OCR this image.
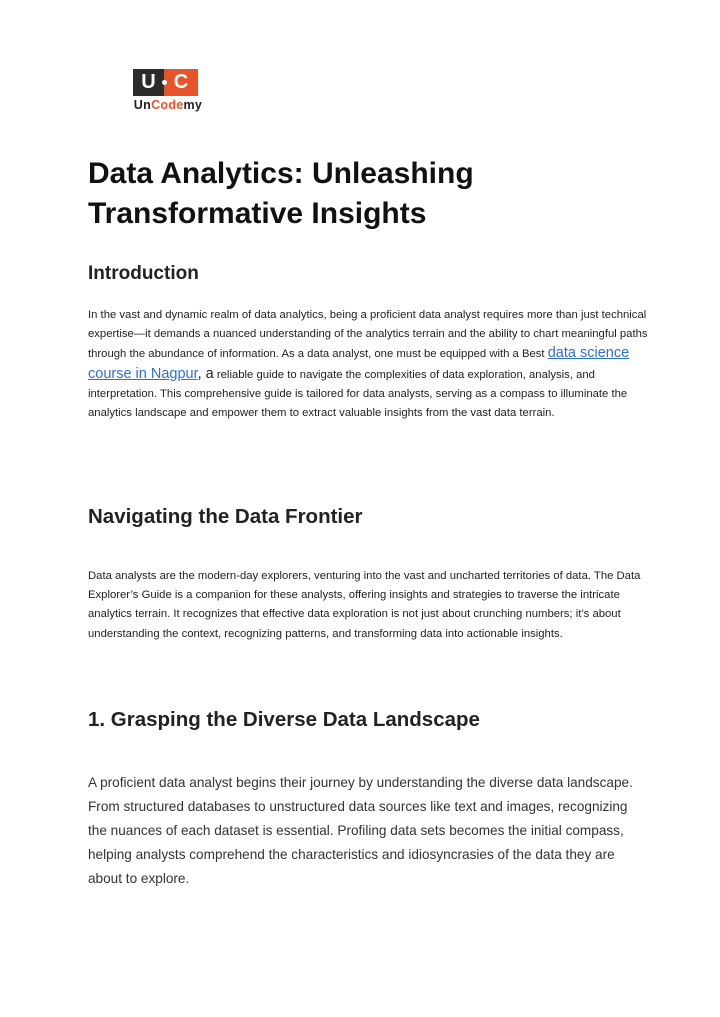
U C
UnCodemy
Data Analytics: Unleashing Transformative Insights
Introduction

In the vast and dynamic realm of data analytics, being a proficient data analyst requires more than just technical expertise—it demands a nuanced understanding of the analytics terrain and the ability to chart meaningful paths through the abundance of information. As a data analyst, one must be equipped with a Best data science course in Nagpur, a reliable guide to navigate the complexities of data exploration, analysis, and interpretation. This comprehensive guide is tailored for data analysts, serving as a compass to illuminate the analytics landscape and empower them to extract valuable insights from the vast data terrain.

Navigating the Data Frontier

Data analysts are the modern-day explorers, venturing into the vast and uncharted territories of data. The Data Explorer’s Guide is a companion for these analysts, offering insights and strategies to traverse the intricate analytics terrain. It recognizes that effective data exploration is not just about crunching numbers; it’s about understanding the context, recognizing patterns, and transforming data into actionable insights.

1. Grasping the Diverse Data Landscape

A proficient data analyst begins their journey by understanding the diverse data landscape. From structured databases to unstructured data sources like text and images, recognizing the nuances of each dataset is essential. Profiling data sets becomes the initial compass, helping analysts comprehend the characteristics and idiosyncrasies of the data they are about to explore.
